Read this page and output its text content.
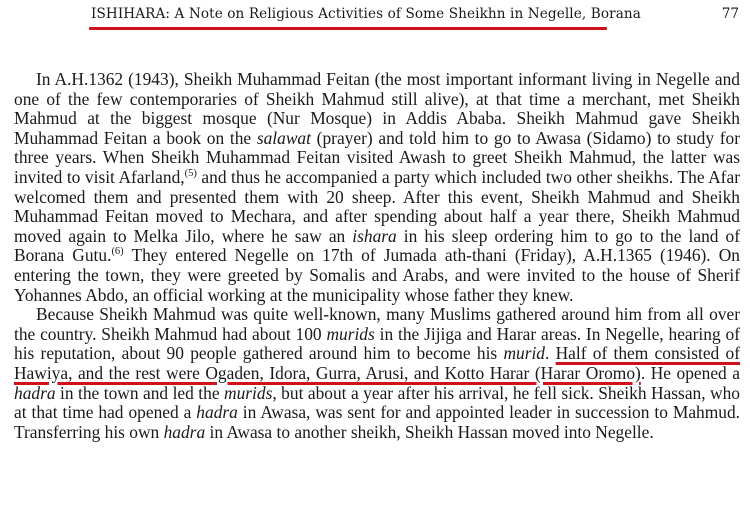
ISHIHARA: A Note on Religious Activities of Some Sheikhn in Negelle, Borana	77

In A.H.1362 (1943), Sheikh Muhammad Feitan (the most important informant living in Negelle and one of the few contemporaries of Sheikh Mahmud still alive), at that time a merchant, met Sheikh Mahmud at the biggest mosque (Nur Mosque) in Addis Ababa. Sheikh Mahmud gave Sheikh Muhammad Feitan a book on the salawat (prayer) and told him to go to Awasa (Sidamo) to study for three years. When Sheikh Muhammad Feitan visited Awash to greet Sheikh Mahmud, the latter was invited to visit Afarland,$^{(5)}$ and thus he accompanied a party which included two other sheikhs. The Afar welcomed them and presented them with 20 sheep. After this event, Sheikh Mahmud and Sheikh Muhammad Feitan moved to Mechara, and after spending about half a year there, Sheikh Mahmud moved again to Melka Jilo, where he saw an ishara in his sleep ordering him to go to the land of Borana Gutu.$^{(6)}$ They entered Negelle on 17th of Jumada ath-thani (Friday), A.H.1365 (1946). On entering the town, they were greeted by Somalis and Arabs, and were invited to the house of Sherif Yohannes Abdo, an official working at the municipality whose father they knew.

Because Sheikh Mahmud was quite well-known, many Muslims gathered around him from all over the country. Sheikh Mahmud had about 100 murids in the Jijiga and Harar areas. In Negelle, hearing of his reputation, about 90 people gathered around him to become his murid. Half of them consisted of Hawiya, and the rest were Ogaden, Idora, Gurra, Arusi, and Kotto Harar (Harar Oromo). He opened a hadra in the town and led the murids, but about a year after his arrival, he fell sick. Sheikh Hassan, who at that time had opened a hadra in Awasa, was sent for and appointed leader in succession to Mahmud. Transferring his own hadra in Awasa to another sheikh, Sheikh Hassan moved into Negelle.
